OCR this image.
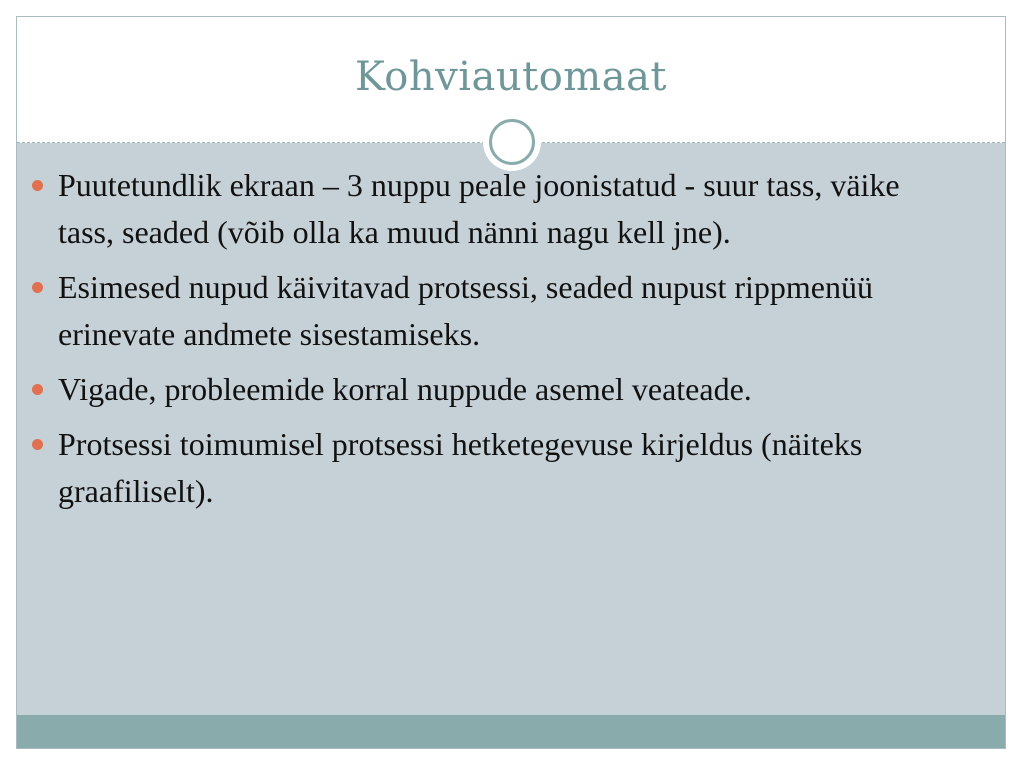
Kohviautomaat
Puutetundlik ekraan – 3 nuppu peale joonistatud - suur tass, väike tass, seaded (võib olla ka muud nänni nagu kell jne).
Esimesed nupud käivitavad protsessi, seaded nupust rippmenüü erinevate andmete sisestamiseks.
Vigade, probleemide korral nuppude asemel veateade.
Protsessi toimumisel protsessi hetketegevuse kirjeldus (näiteks graafiliselt).
